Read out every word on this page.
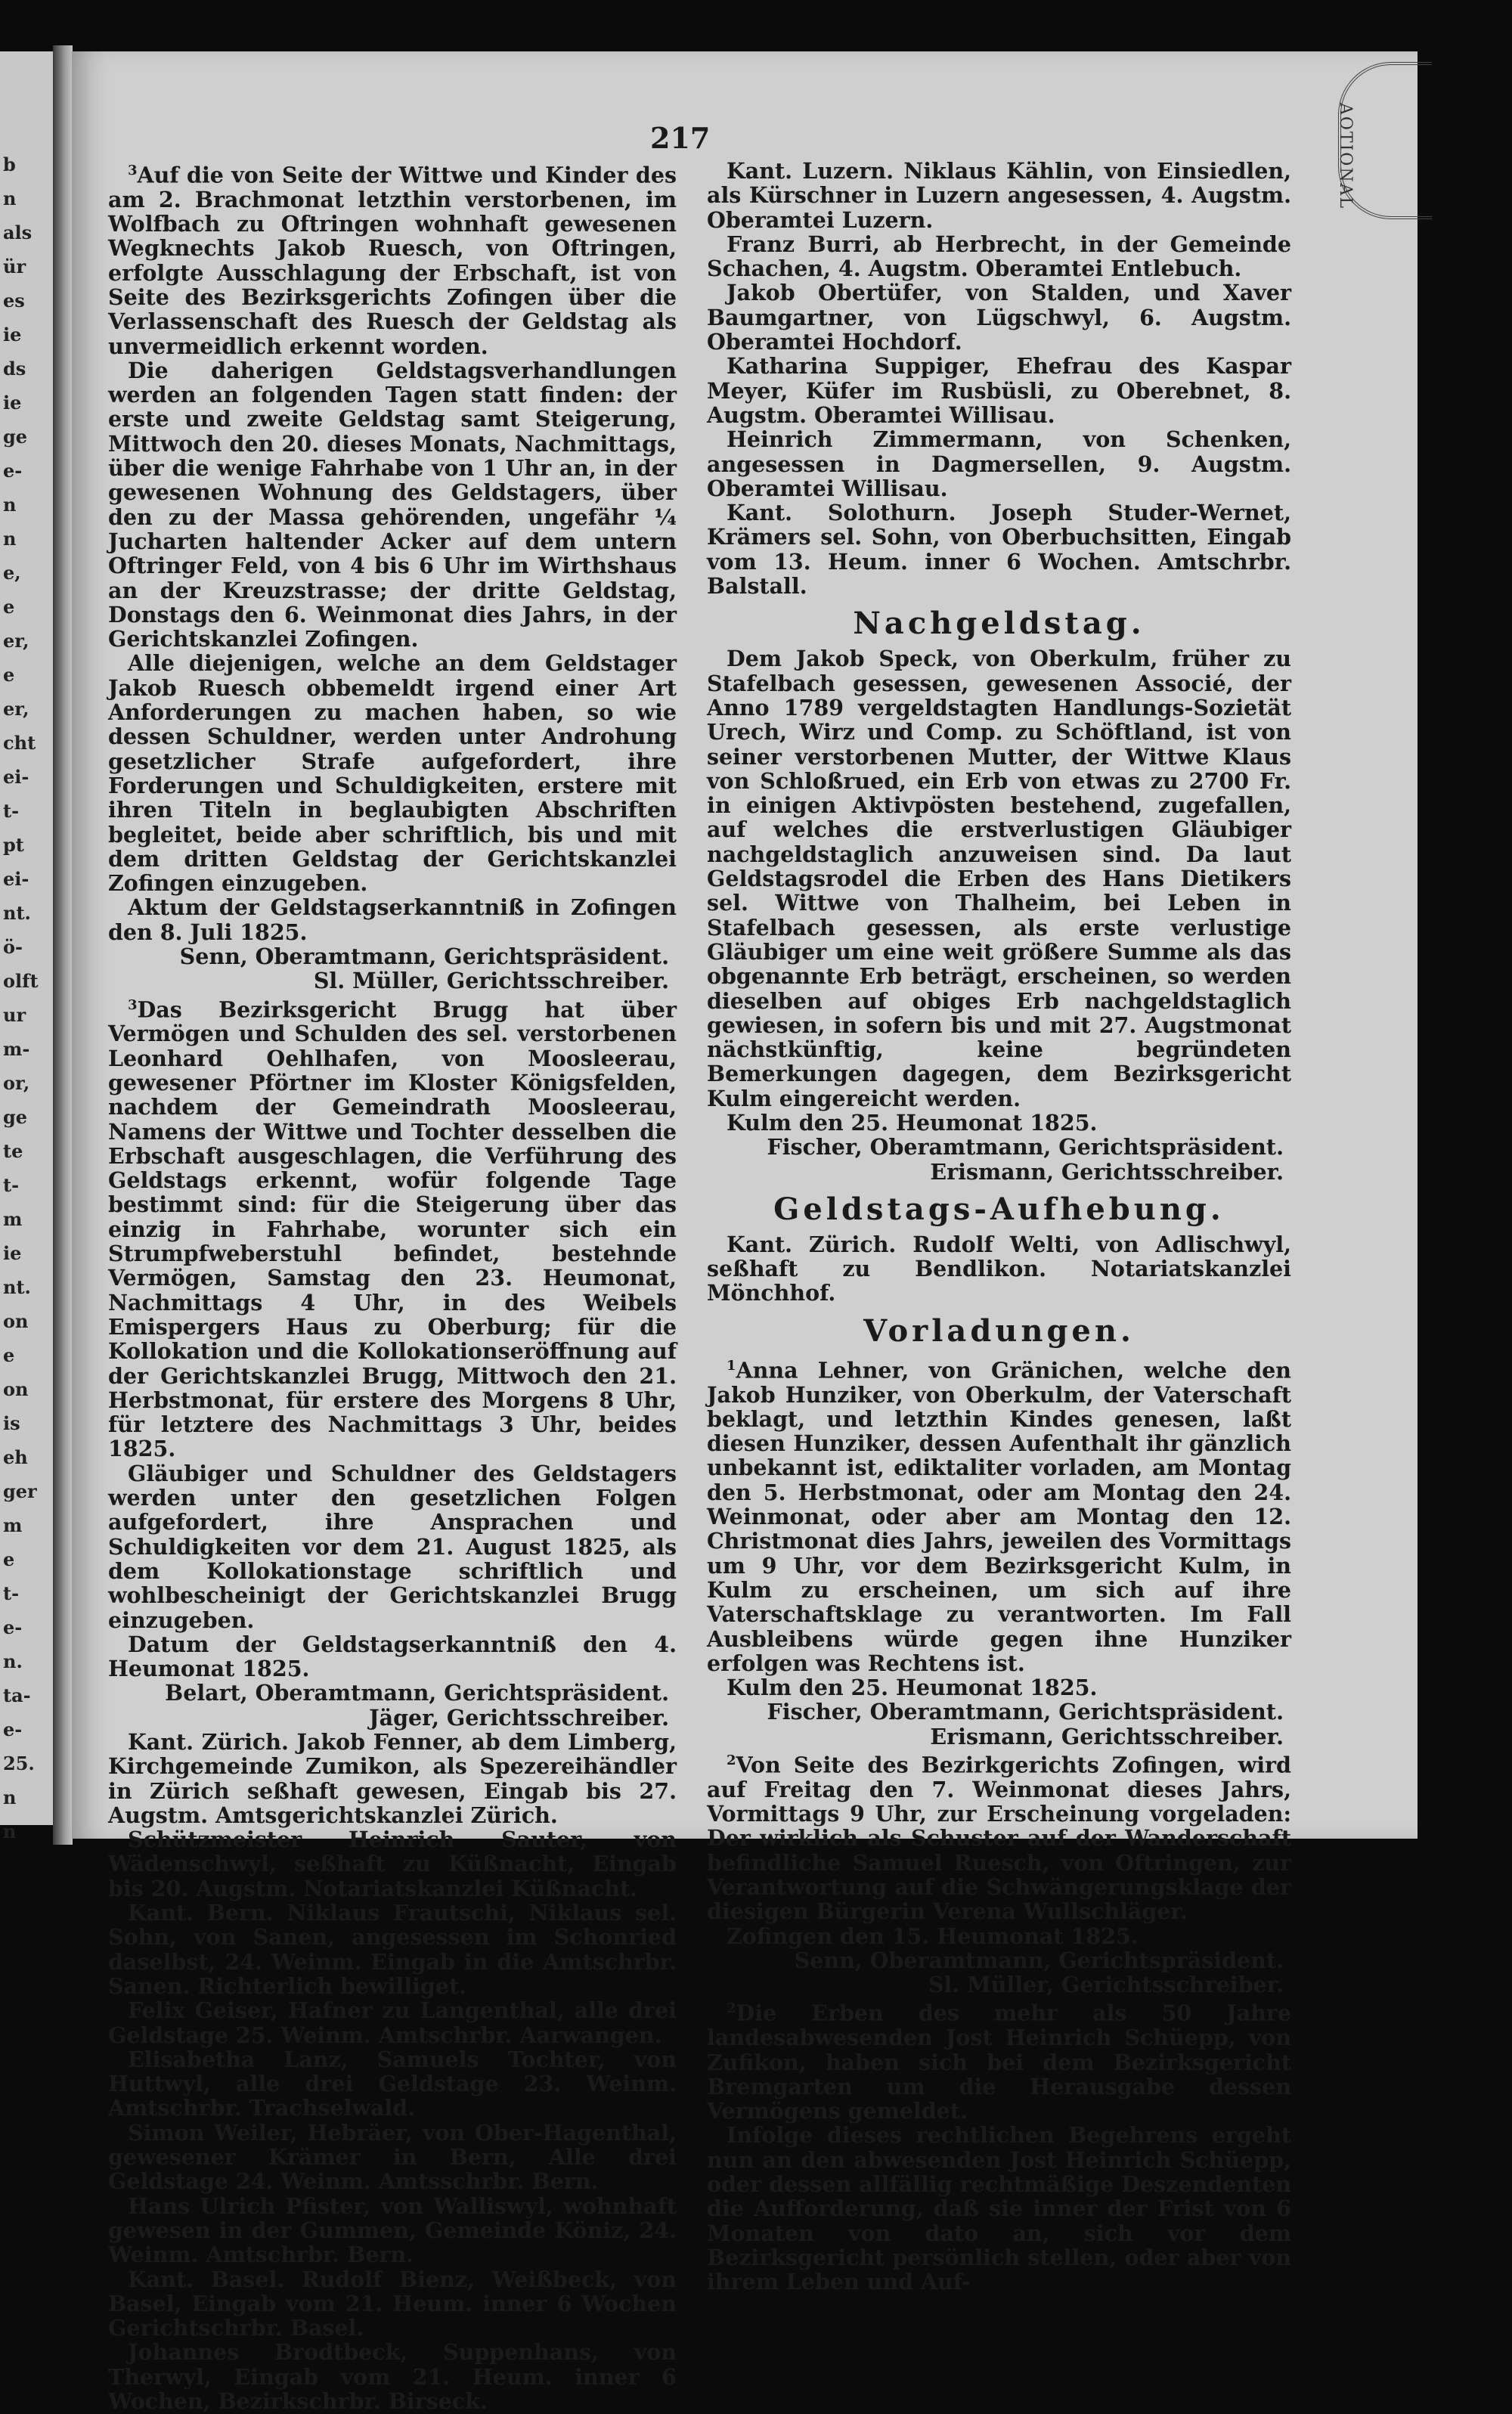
b
n
als
ür
es
ie
ds
ie
ge
e-
n
n
e,
e
er,
e
er,
cht
ei-
t-
pt
ei-
nt.
ö-
olft
ur
m-
or,
ge
te
t-
m
ie
nt.
on
e
on
is
eh
ger
m
e
t-
e-
n.
ta-
e-
25.
n
n
AOTIONAL
217

$^3$Auf die von Seite der Wittwe und Kinder des am 2. Brachmonat letzthin verstorbenen, im Wolfbach zu Oftringen wohnhaft gewesenen Wegknechts Jakob Ruesch, von Oftringen, erfolgte Ausschlagung der Erbschaft, ist von Seite des Bezirksgerichts Zofingen über die Verlassenschaft des Ruesch der Geldstag als unvermeidlich erkennt worden.

Die daherigen Geldstagsverhandlungen werden an folgenden Tagen statt finden: der erste und zweite Geldstag samt Steigerung, Mittwoch den 20. dieses Monats, Nachmittags, über die wenige Fahrhabe von 1 Uhr an, in der gewesenen Wohnung des Geldstagers, über den zu der Massa gehörenden, ungefähr ¼ Jucharten haltender Acker auf dem untern Oftringer Feld, von 4 bis 6 Uhr im Wirthshaus an der Kreuzstrasse; der dritte Geldstag, Donstags den 6. Weinmonat dies Jahrs, in der Gerichtskanzlei Zofingen.

Alle diejenigen, welche an dem Geldstager Jakob Ruesch obbemeldt irgend einer Art Anforderungen zu machen haben, so wie dessen Schuldner, werden unter Androhung gesetzlicher Strafe aufgefordert, ihre Forderungen und Schuldigkeiten, erstere mit ihren Titeln in beglaubigten Abschriften begleitet, beide aber schriftlich, bis und mit dem dritten Geldstag der Gerichtskanzlei Zofingen einzugeben.

Aktum der Geldstagserkanntniß in Zofingen den 8. Juli 1825.

Senn, Oberamtmann, Gerichtspräsident.

Sl. Müller, Gerichtsschreiber.

$^3$Das Bezirksgericht Brugg hat über Vermögen und Schulden des sel. verstorbenen Leonhard Oehlhafen, von Moosleerau, gewesener Pförtner im Kloster Königsfelden, nachdem der Gemeindrath Moosleerau, Namens der Wittwe und Tochter desselben die Erbschaft ausgeschlagen, die Verführung des Geldstags erkennt, wofür folgende Tage bestimmt sind: für die Steigerung über das einzig in Fahrhabe, worunter sich ein Strumpfweberstuhl befindet, bestehnde Vermögen, Samstag den 23. Heumonat, Nachmittags 4 Uhr, in des Weibels Emispergers Haus zu Oberburg; für die Kollokation und die Kollokationseröffnung auf der Gerichtskanzlei Brugg, Mittwoch den 21. Herbstmonat, für erstere des Morgens 8 Uhr, für letztere des Nachmittags 3 Uhr, beides 1825.

Gläubiger und Schuldner des Geldstagers werden unter den gesetzlichen Folgen aufgefordert, ihre Ansprachen und Schuldigkeiten vor dem 21. August 1825, als dem Kollokationstage schriftlich und wohlbescheinigt der Gerichtskanzlei Brugg einzugeben.

Datum der Geldstagserkanntniß den 4. Heumonat 1825.

Belart, Oberamtmann, Gerichtspräsident.

Jäger, Gerichtsschreiber.

Kant. Zürich. Jakob Fenner, ab dem Limberg, Kirchgemeinde Zumikon, als Spezereihändler in Zürich seßhaft gewesen, Eingab bis 27. Augstm. Amtsgerichtskanzlei Zürich.

Schützmeister Heinrich Sauter, von Wädenschwyl, seßhaft zu Küßnacht, Eingab bis 20. Augstm. Notariatskanzlei Küßnacht.

Kant. Bern. Niklaus Frautschi, Niklaus sel. Sohn, von Sanen, angesessen im Schonried daselbst, 24. Weinm. Eingab in die Amtschrbr. Sanen. Richterlich bewilliget.

Felix Geiser, Hafner zu Langenthal, alle drei Geldstage 25. Weinm. Amtschrbr. Aarwangen.

Elisabetha Lanz, Samuels Tochter, von Huttwyl, alle drei Geldstage 23. Weinm. Amtschrbr. Trachselwald.

Simon Weiler, Hebräer, von Ober-Hagenthal, gewesener Krämer in Bern, Alle drei Geldstage 24. Weinm. Amtsschrbr. Bern.

Hans Ulrich Pfister, von Walliswyl, wohnhaft gewesen in der Gummen, Gemeinde Köniz, 24. Weinm. Amtschrbr. Bern.

Kant. Basel. Rudolf Bienz, Weißbeck, von Basel, Eingab vom 21. Heum. inner 6 Wochen Gerichtschrbr. Basel.

Johannes Brodtbeck, Suppenhans, von Therwyl, Eingab vom 21. Heum. inner 6 Wochen, Bezirkschrbr. Birseck.

Kant. Luzern. Niklaus Kählin, von Einsiedlen, als Kürschner in Luzern angesessen, 4. Augstm. Oberamtei Luzern.

Franz Burri, ab Herbrecht, in der Gemeinde Schachen, 4. Augstm. Oberamtei Entlebuch.

Jakob Obertüfer, von Stalden, und Xaver Baumgartner, von Lügschwyl, 6. Augstm. Oberamtei Hochdorf.

Katharina Suppiger, Ehefrau des Kaspar Meyer, Küfer im Rusbüsli, zu Oberebnet, 8. Augstm. Oberamtei Willisau.

Heinrich Zimmermann, von Schenken, angesessen in Dagmersellen, 9. Augstm. Oberamtei Willisau.

Kant. Solothurn. Joseph Studer-Wernet, Krämers sel. Sohn, von Oberbuchsitten, Eingab vom 13. Heum. inner 6 Wochen. Amtschrbr. Balstall.

Nachgeldstag.

Dem Jakob Speck, von Oberkulm, früher zu Stafelbach gesessen, gewesenen Associé, der Anno 1789 vergeldstagten Handlungs-Sozietät Urech, Wirz und Comp. zu Schöftland, ist von seiner verstorbenen Mutter, der Wittwe Klaus von Schloßrued, ein Erb von etwas zu 2700 Fr. in einigen Aktivpösten bestehend, zugefallen, auf welches die erstverlustigen Gläubiger nachgeldstaglich anzuweisen sind. Da laut Geldstagsrodel die Erben des Hans Dietikers sel. Wittwe von Thalheim, bei Leben in Stafelbach gesessen, als erste verlustige Gläubiger um eine weit größere Summe als das obgenannte Erb beträgt, erscheinen, so werden dieselben auf obiges Erb nachgeldstaglich gewiesen, in sofern bis und mit 27. Augstmonat nächstkünftig, keine begründeten Bemerkungen dagegen, dem Bezirksgericht Kulm eingereicht werden.

Kulm den 25. Heumonat 1825.

Fischer, Oberamtmann, Gerichtspräsident.

Erismann, Gerichtsschreiber.

Geldstags-Aufhebung.

Kant. Zürich. Rudolf Welti, von Adlischwyl, seßhaft zu Bendlikon. Notariatskanzlei Mönchhof.

Vorladungen.

$^1$Anna Lehner, von Gränichen, welche den Jakob Hunziker, von Oberkulm, der Vaterschaft beklagt, und letzthin Kindes genesen, laßt diesen Hunziker, dessen Aufenthalt ihr gänzlich unbekannt ist, ediktaliter vorladen, am Montag den 5. Herbstmonat, oder am Montag den 24. Weinmonat, oder aber am Montag den 12. Christmonat dies Jahrs, jeweilen des Vormittags um 9 Uhr, vor dem Bezirksgericht Kulm, in Kulm zu erscheinen, um sich auf ihre Vaterschaftsklage zu verantworten. Im Fall Ausbleibens würde gegen ihne Hunziker erfolgen was Rechtens ist.

Kulm den 25. Heumonat 1825.

Fischer, Oberamtmann, Gerichtspräsident.

Erismann, Gerichtsschreiber.

$^2$Von Seite des Bezirkgerichts Zofingen, wird auf Freitag den 7. Weinmonat dieses Jahrs, Vormittags 9 Uhr, zur Erscheinung vorgeladen: Der wirklich als Schuster auf der Wanderschaft befindliche Samuel Ruesch, von Oftringen, zur Verantwortung auf die Schwängerungsklage der diesigen Bürgerin Verena Wullschläger.

Zofingen den 15. Heumonat 1825.

Senn, Oberamtmann, Gerichtspräsident.

Sl. Müller, Gerichtsschreiber.

$^2$Die Erben des mehr als 50 Jahre landesabwesenden Jost Heinrich Schüepp, von Zufikon, haben sich bei dem Bezirksgericht Bremgarten um die Herausgabe dessen Vermögens gemeldet.

Infolge dieses rechtlichen Begehrens ergeht nun an den abwesenden Jost Heinrich Schüepp, oder dessen allfällig rechtmäßige Deszendenten die Aufforderung, daß sie inner der Frist von 6 Monaten von dato an, sich vor dem Bezirksgericht persönlich stellen, oder aber von ihrem Leben und Auf-
